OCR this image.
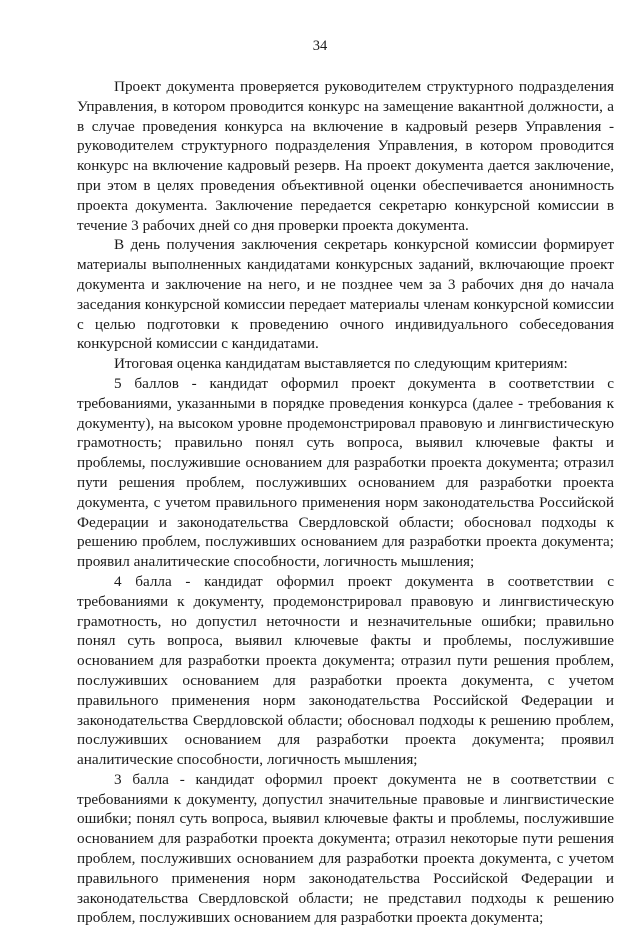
34

Проект документа проверяется руководителем структурного подразделения Управления, в котором проводится конкурс на замещение вакантной должности, а в случае проведения конкурса на включение в кадровый резерв Управления - руководителем структурного подразделения Управления, в котором проводится конкурс на включение кадровый резерв. На проект документа дается заключение, при этом в целях проведения объективной оценки обеспечивается анонимность проекта документа. Заключение передается секретарю конкурсной комиссии в течение 3 рабочих дней со дня проверки проекта документа.

В день получения заключения секретарь конкурсной комиссии формирует материалы выполненных кандидатами конкурсных заданий, включающие проект документа и заключение на него, и не позднее чем за 3 рабочих дня до начала заседания конкурсной комиссии передает материалы членам конкурсной комиссии с целью подготовки к проведению очного индивидуального собеседования конкурсной комиссии с кандидатами.

Итоговая оценка кандидатам выставляется по следующим критериям:

5 баллов - кандидат оформил проект документа в соответствии с требованиями, указанными в порядке проведения конкурса (далее - требования к документу), на высоком уровне продемонстрировал правовую и лингвистическую грамотность; правильно понял суть вопроса, выявил ключевые факты и проблемы, послужившие основанием для разработки проекта документа; отразил пути решения проблем, послуживших основанием для разработки проекта документа, с учетом правильного применения норм законодательства Российской Федерации и законодательства Свердловской области; обосновал подходы к решению проблем, послуживших основанием для разработки проекта документа; проявил аналитические способности, логичность мышления;

4 балла - кандидат оформил проект документа в соответствии с требованиями к документу, продемонстрировал правовую и лингвистическую грамотность, но допустил неточности и незначительные ошибки; правильно понял суть вопроса, выявил ключевые факты и проблемы, послужившие основанием для разработки проекта документа; отразил пути решения проблем, послуживших основанием для разработки проекта документа, с учетом правильного применения норм законодательства Российской Федерации и законодательства Свердловской области; обосновал подходы к решению проблем, послуживших основанием для разработки проекта документа; проявил аналитические способности, логичность мышления;

3 балла - кандидат оформил проект документа не в соответствии с требованиями к документу, допустил значительные правовые и лингвистические ошибки; понял суть вопроса, выявил ключевые факты и проблемы, послужившие основанием для разработки проекта документа; отразил некоторые пути решения проблем, послуживших основанием для разработки проекта документа, с учетом правильного применения норм законодательства Российской Федерации и законодательства Свердловской области; не представил подходы к решению проблем, послуживших основанием для разработки проекта документа;
